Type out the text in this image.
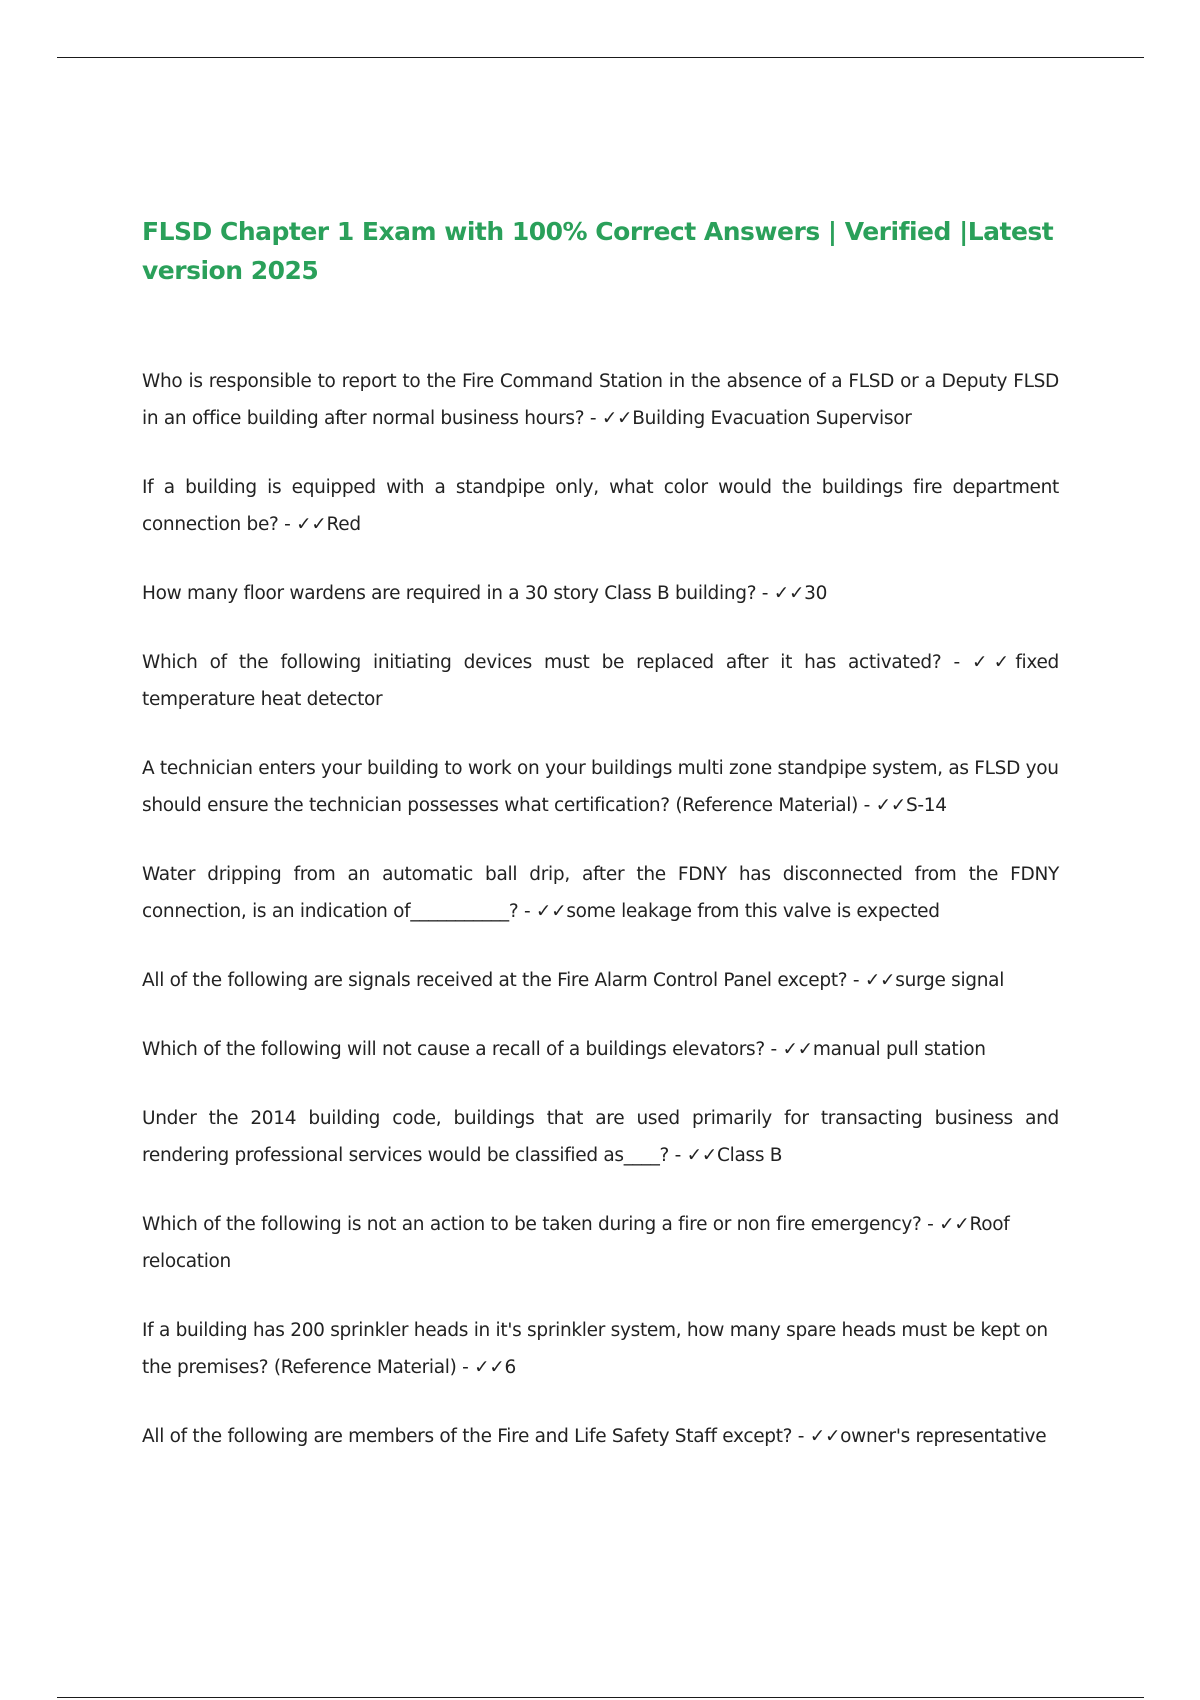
FLSD Chapter 1 Exam with 100% Correct Answers | Verified |Latest version 2025

Who is responsible to report to the Fire Command Station in the absence of a FLSD or a Deputy FLSD in an office building after normal business hours? - ✓✓Building Evacuation Supervisor

If a building is equipped with a standpipe only, what color would the buildings fire department connection be? - ✓✓Red

How many floor wardens are required in a 30 story Class B building? - ✓✓30

Which of the following initiating devices must be replaced after it has activated? - ✓✓fixed temperature heat detector

A technician enters your building to work on your buildings multi zone standpipe system, as FLSD you should ensure the technician possesses what certification? (Reference Material) - ✓✓S-14

Water dripping from an automatic ball drip, after the FDNY has disconnected from the FDNY connection, is an indication of___________? - ✓✓some leakage from this valve is expected

All of the following are signals received at the Fire Alarm Control Panel except? - ✓✓surge signal

Which of the following will not cause a recall of a buildings elevators? - ✓✓manual pull station

Under the 2014 building code, buildings that are used primarily for transacting business and rendering professional services would be classified as____? - ✓✓Class B

Which of the following is not an action to be taken during a fire or non fire emergency? - ✓✓Roof relocation

If a building has 200 sprinkler heads in it's sprinkler system, how many spare heads must be kept on the premises? (Reference Material) - ✓✓6

All of the following are members of the Fire and Life Safety Staff except? - ✓✓owner's representative
